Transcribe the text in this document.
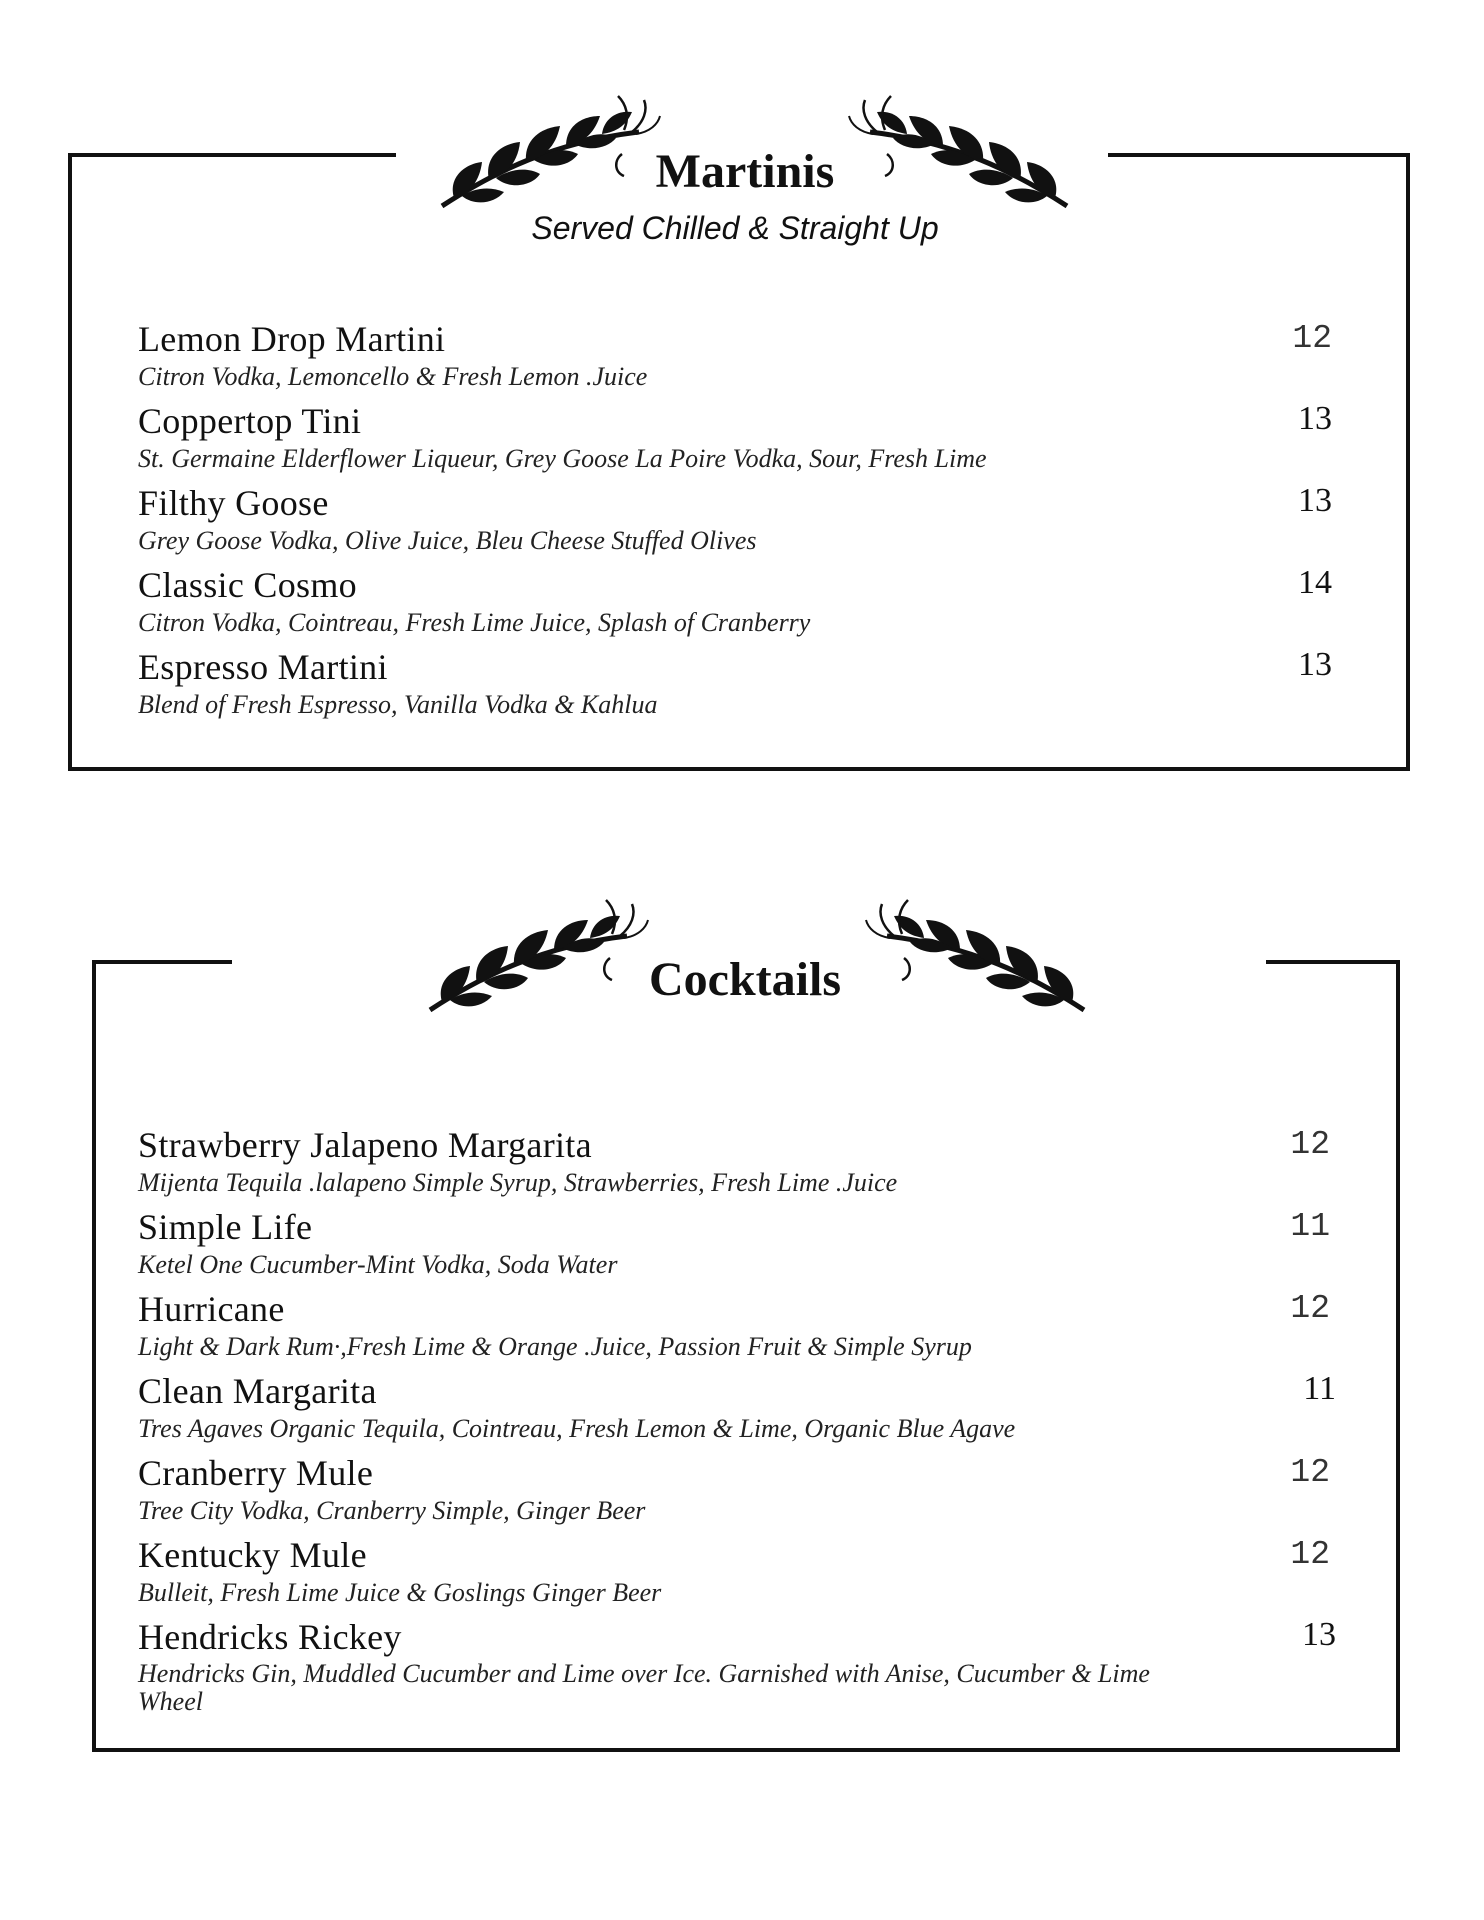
Martinis
Served Chilled & Straight Up
Lemon Drop Martini
Citron Vodka, Lemoncello & Fresh Lemon .Juice
12
Coppertop Tini
St. Germaine Elderflower Liqueur, Grey Goose La Poire Vodka, Sour, Fresh Lime
13
Filthy Goose
Grey Goose Vodka, Olive Juice, Bleu Cheese Stuffed Olives
13
Classic Cosmo
Citron Vodka, Cointreau, Fresh Lime Juice, Splash of Cranberry
14
Espresso Martini
Blend of Fresh Espresso, Vanilla Vodka & Kahlua
13
Cocktails
Strawberry Jalapeno Margarita
Mijenta Tequila .lalapeno Simple Syrup, Strawberries, Fresh Lime .Juice
12
Simple Life
Ketel One Cucumber-Mint Vodka, Soda Water
11
Hurricane
Light & Dark Rum·,Fresh Lime & Orange .Juice, Passion Fruit & Simple Syrup
12
Clean Margarita
Tres Agaves Organic Tequila, Cointreau, Fresh Lemon & Lime, Organic Blue Agave
11
Cranberry Mule
Tree City Vodka, Cranberry Simple, Ginger Beer
12
Kentucky Mule
Bulleit, Fresh Lime Juice & Goslings Ginger Beer
12
Hendricks Rickey
Hendricks Gin, Muddled Cucumber and Lime over Ice. Garnished with Anise, Cucumber & Lime Wheel
13
